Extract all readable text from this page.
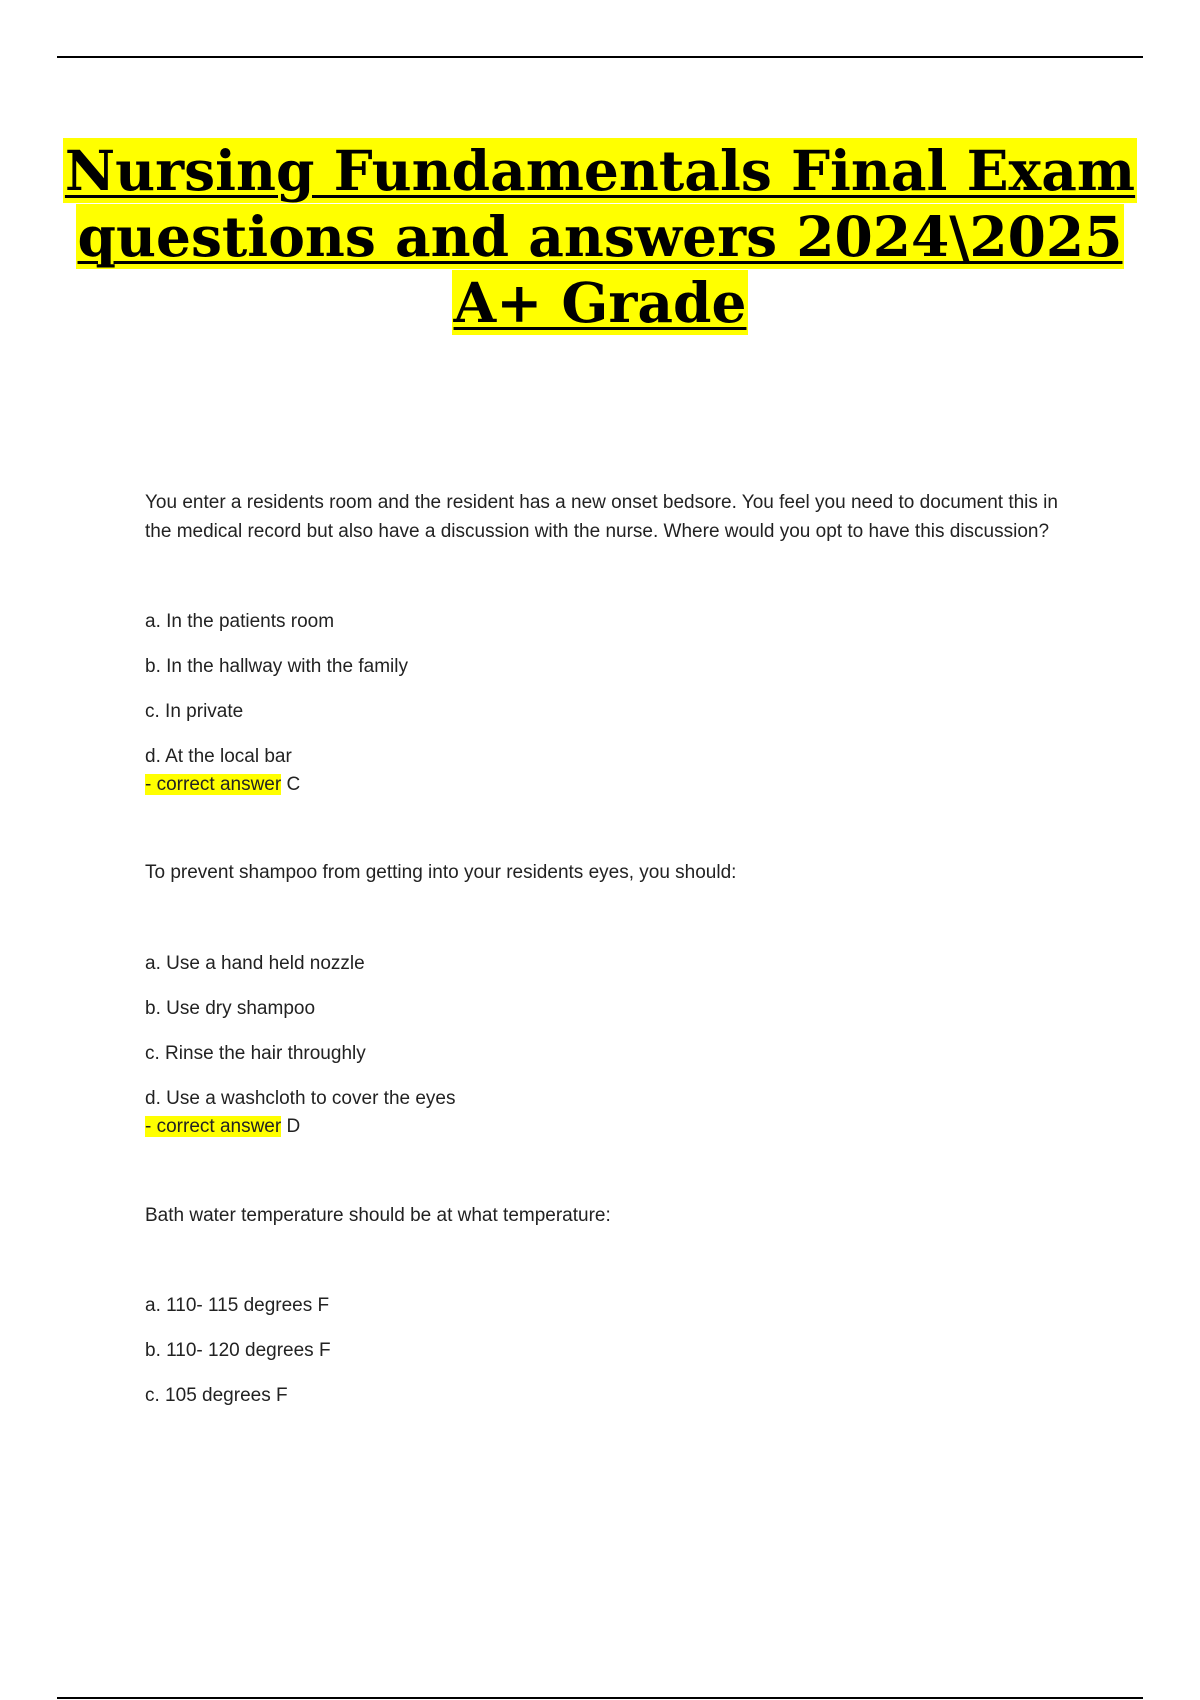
Nursing Fundamentals Final Exam
questions and answers 2024\2025
A+ Grade

You enter a residents room and the resident has a new onset bedsore. You feel you need to document this in the medical record but also have a discussion with the nurse. Where would you opt to have this discussion?

a. In the patients room
b. In the hallway with the family
c. In private
d. At the local bar
- correct answer C

To prevent shampoo from getting into your residents eyes, you should:

a. Use a hand held nozzle
b. Use dry shampoo
c. Rinse the hair throughly
d. Use a washcloth to cover the eyes
- correct answer D

Bath water temperature should be at what temperature:

a. 110- 115 degrees F
b. 110- 120 degrees F
c. 105 degrees F
